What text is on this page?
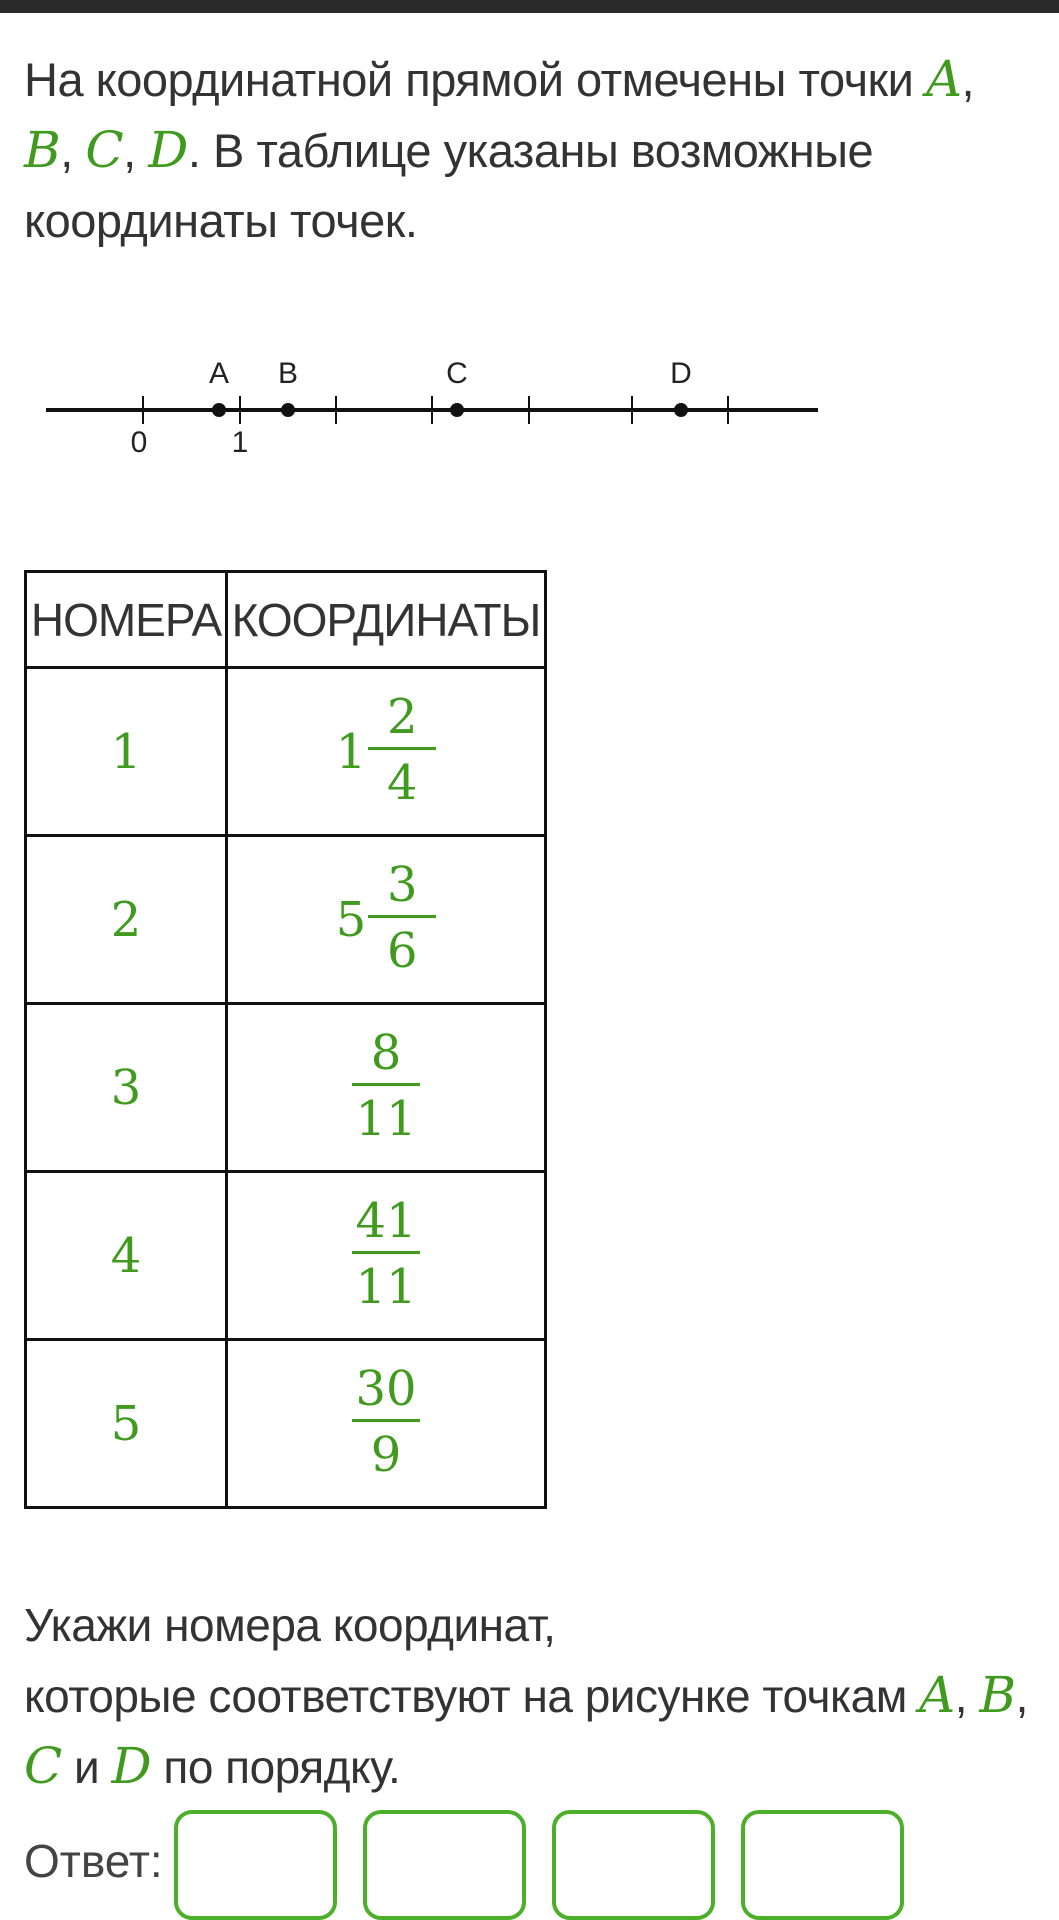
На координатной прямой отмечены точки A, B, C, D. В таблице указаны возможные координаты точек.
A B	C	D
0	1
НОМЕРА	КООРДИНАТЫ
1	$1 \frac{2}{4}$

2	$5 \frac{3}{6}$

3	$\frac{8}{11}$

4	$\frac{41}{11}$

5	$\frac{30}{9}$
Укажи номера координат,
которые соответствуют на рисунке точкам A, B, C и D по порядку.
Ответ:
